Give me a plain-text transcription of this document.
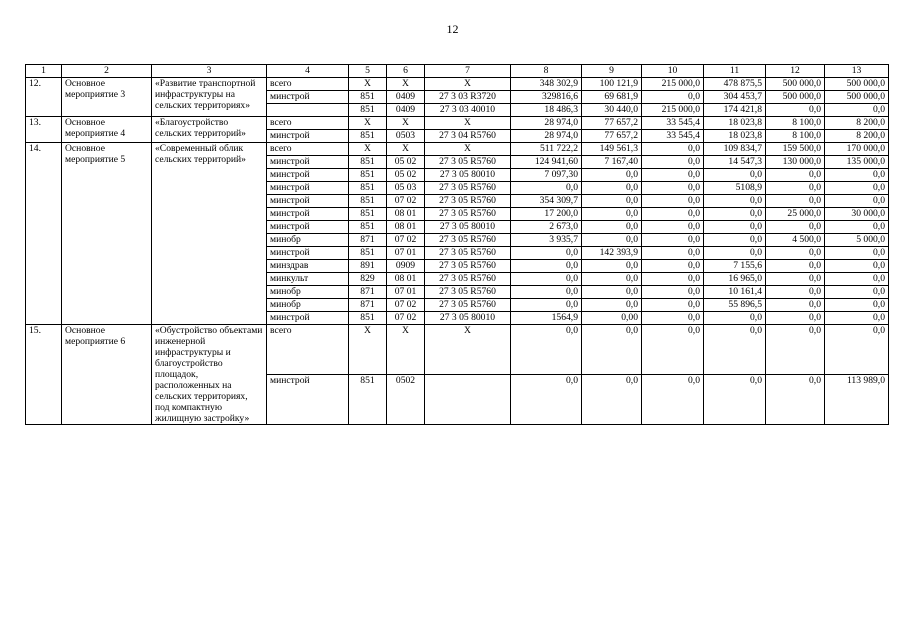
12
1	2	3	4	5	6	7	8	9	10	11	12	13
12.	Основное мероприятие 3	«Развитие транспортной инфраструктуры на сельских территориях»	всего	Х	Х	Х	348 302,9	100 121,9	215 000,0	478 875,5	500 000,0	500 000,0
			минстрой	851	0409	27 3 03 R3720	329816,6	69 681,9	0,0	304 453,7	500 000,0	500 000,0
				851	0409	27 3 03 40010	18 486,3	30 440,0	215 000,0	174 421,8	0,0	0,0
13.	Основное мероприятие 4	«Благоустройство сельских территорий»	всего	Х	Х	Х	28 974,0	77 657,2	33 545,4	18 023,8	8 100,0	8 200,0
			минстрой	851	0503	27 3 04 R5760	28 974,0	77 657,2	33 545,4	18 023,8	8 100,0	8 200,0
14.	Основное мероприятие 5	«Современный облик сельских территорий»	всего	Х	Х	Х	511 722,2	149 561,3	0,0	109 834,7	159 500,0	170 000,0
			минстрой	851	05 02	27 3 05 R5760	124 941,60	7 167,40	0,0	14 547,3	130 000,0	135 000,0
			минстрой	851	05 02	27 3 05 80010	7 097,30	0,0	0,0	0,0	0,0	0,0
			минстрой	851	05 03	27 3 05 R5760	0,0	0,0	0,0	5108,9	0,0	0,0
			минстрой	851	07 02	27 3 05 R5760	354 309,7	0,0	0,0	0,0	0,0	0,0
			минстрой	851	08 01	27 3 05 R5760	17 200,0	0,0	0,0	0,0	25 000,0	30 000,0
			минстрой	851	08 01	27 3 05 80010	2 673,0	0,0	0,0	0,0	0,0	0,0
			минобр	871	07 02	27 3 05 R5760	3 935,7	0,0	0,0	0,0	4 500,0	5 000,0
			минстрой	851	07 01	27 3 05 R5760	0,0	142 393,9	0,0	0,0	0,0	0,0
			минздрав	891	0909	27 3 05 R5760	0,0	0,0	0,0	7 155,6	0,0	0,0
			минкульт	829	08 01	27 3 05 R5760	0,0	0,0	0,0	16 965,0	0,0	0,0
			минобр	871	07 01	27 3 05 R5760	0,0	0,0	0,0	10 161,4	0,0	0,0
			минобр	871	07 02	27 3 05 R5760	0,0	0,0	0,0	55 896,5	0,0	0,0
			минстрой	851	07 02	27 3 05 80010	1564,9	0,00	0,0	0,0	0,0	0,0
15.	Основное мероприятие 6	«Обустройство объектами инженерной инфраструктуры и благоустройство площадок, расположенных на сельских территориях, под компактную жилищную застройку»	всего	Х	Х	Х	0,0	0,0	0,0	0,0	0,0	0,0
			минстрой	851	0502		0,0	0,0	0,0	0,0	0,0	113 989,0
